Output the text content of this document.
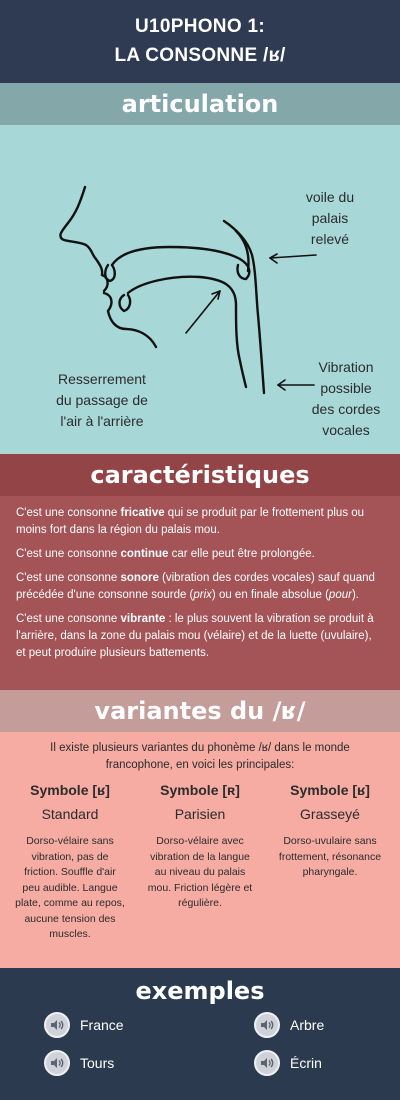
U10PHONO 1:
LA CONSONNE /ʁ/
articulation
voile du
palais
relevé
Resserrement
du passage de
l'air à l'arrière
Vibration
possible
des cordes
vocales
caractéristiques

C'est une consonne fricative qui se produit par le frottement plus ou moins fort dans la région du palais mou.

C'est une consonne continue car elle peut être prolongée.

C'est une consonne sonore (vibration des cordes vocales) sauf quand précédée d'une consonne sourde (prix) ou en finale absolue (pour).

C'est une consonne vibrante : le plus souvent la vibration se produit à l'arrière, dans la zone du palais mou (vélaire) et de la luette (uvulaire), et peut produire plusieurs battements.

variantes du /ʁ/
Il existe plusieurs variantes du phonème /ʁ/ dans le monde francophone, en voici les principales:
Symbole [ʁ]
Standard
Dorso-vélaire sans vibration, pas de friction. Souffle d'air peu audible. Langue plate, comme au repos, aucune tension des muscles.
Symbole [ʀ]
Parisien
Dorso-vélaire avec vibration de la langue au niveau du palais mou. Friction légère et régulière.
Symbole [ʁ]
Grasseyé
Dorso-uvulaire sans frottement, résonance pharyngale.
exemples
France	Arbre
Tours	Écrin
